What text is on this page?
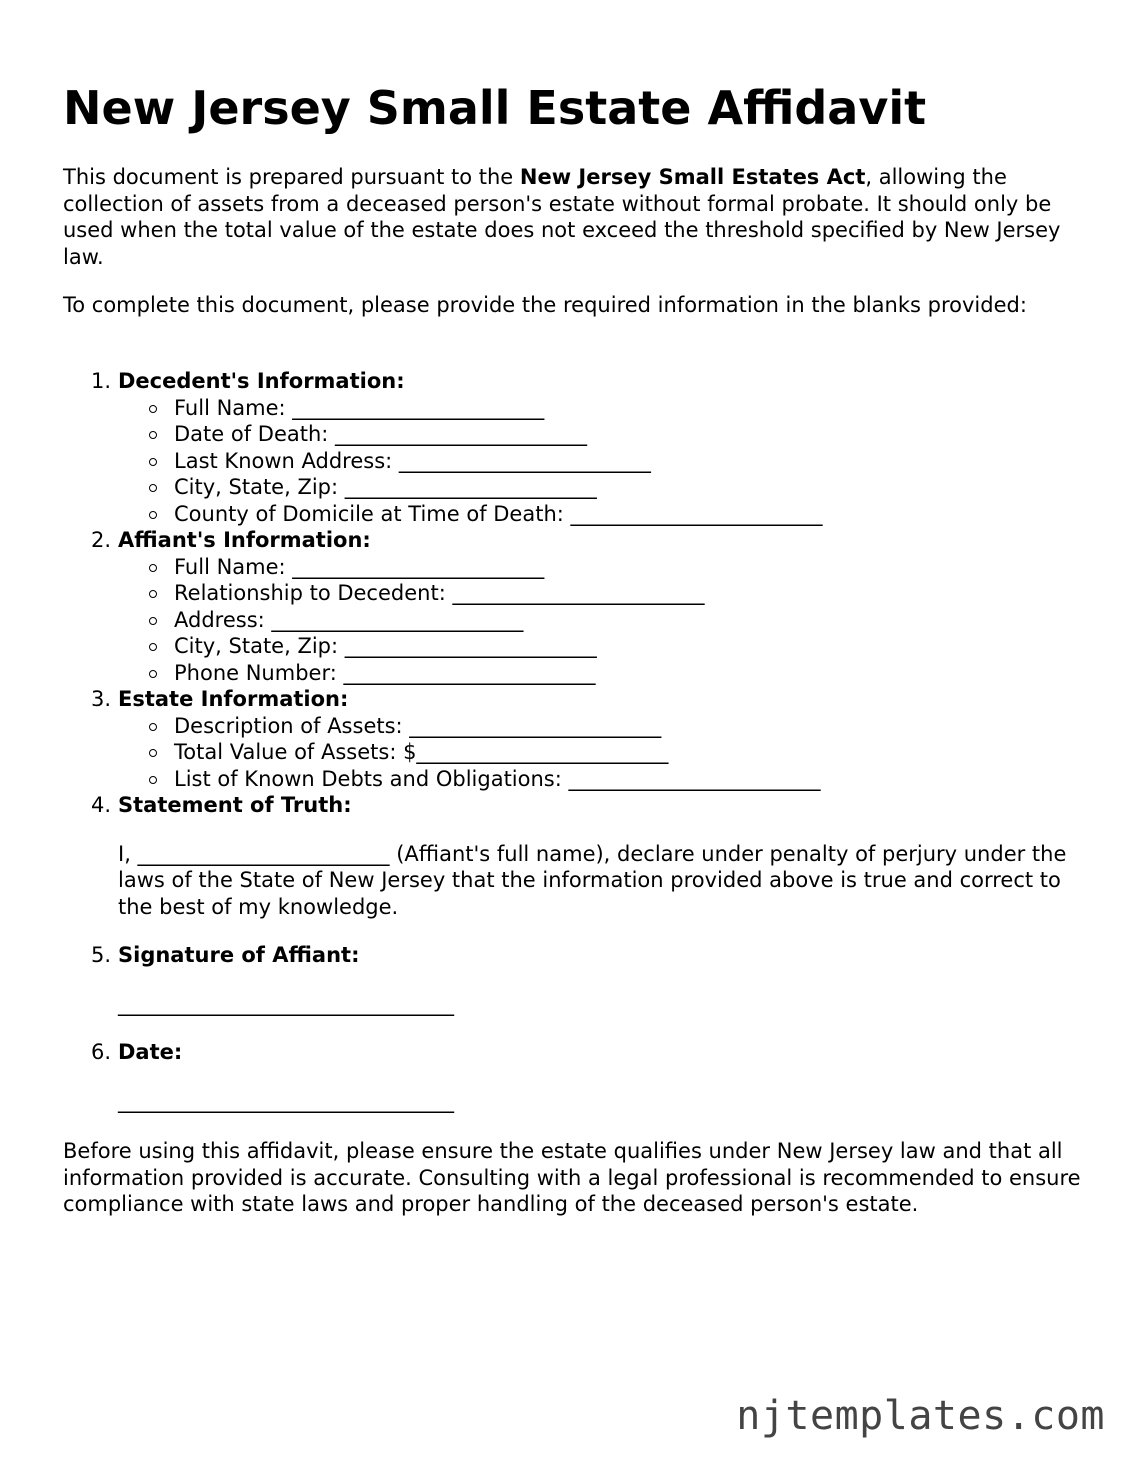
New Jersey Small Estate Affidavit
This document is prepared pursuant to the New Jersey Small Estates Act, allowing the collection of assets from a deceased person's estate without formal probate. It should only be used when the total value of the estate does not exceed the threshold specified by New Jersey law.
To complete this document, please provide the required information in the blanks provided:
1. Decedent's Information:
Full Name: ________________________
Date of Death: ________________________
Last Known Address: ________________________
City, State, Zip: ________________________
County of Domicile at Time of Death: ________________________
2. Affiant's Information:
Full Name: ________________________
Relationship to Decedent: ________________________
Address: ________________________
City, State, Zip: ________________________
Phone Number: ________________________
3. Estate Information:
Description of Assets: ________________________
Total Value of Assets: $________________________
List of Known Debts and Obligations: ________________________
4. Statement of Truth:
I, ________________________ (Affiant's full name), declare under penalty of perjury under the laws of the State of New Jersey that the information provided above is true and correct to the best of my knowledge.
5. Signature of Affiant:
________________________________
6. Date:
________________________________
Before using this affidavit, please ensure the estate qualifies under New Jersey law and that all information provided is accurate. Consulting with a legal professional is recommended to ensure compliance with state laws and proper handling of the deceased person's estate.
njtemplates.com
